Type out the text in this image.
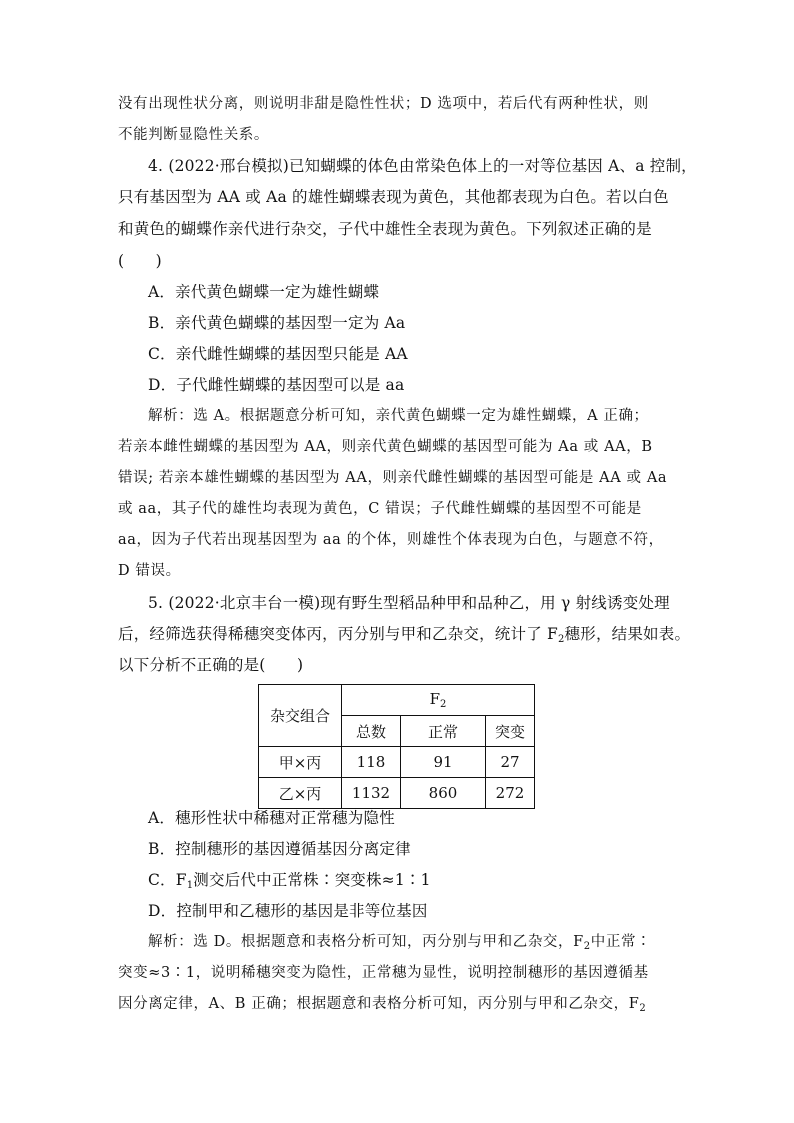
没有出现性状分离，则说明非甜是隐性性状；D 选项中，若后代有两种性状，则
不能判断显隐性关系。
4. (2022·邢台模拟)已知蝴蝶的体色由常染色体上的一对等位基因 A、a 控制，
只有基因型为 AA 或 Aa 的雄性蝴蝶表现为黄色，其他都表现为白色。若以白色
和黄色的蝴蝶作亲代进行杂交，子代中雄性全表现为黄色。下列叙述正确的是
(　　)
A．亲代黄色蝴蝶一定为雄性蝴蝶
B．亲代黄色蝴蝶的基因型一定为 Aa
C．亲代雌性蝴蝶的基因型只能是 AA
D．子代雌性蝴蝶的基因型可以是 aa
解析：选 A。根据题意分析可知，亲代黄色蝴蝶一定为雄性蝴蝶，A 正确；
若亲本雌性蝴蝶的基因型为 AA，则亲代黄色蝴蝶的基因型可能为 Aa 或 AA，B
错误; 若亲本雄性蝴蝶的基因型为 AA，则亲代雌性蝴蝶的基因型可能是 AA 或 Aa
或 aa，其子代的雄性均表现为黄色，C 错误；子代雌性蝴蝶的基因型不可能是
aa，因为子代若出现基因型为 aa 的个体，则雄性个体表现为白色，与题意不符，
D 错误。
5. (2022·北京丰台一模)现有野生型稻品种甲和品种乙，用 γ 射线诱变处理
后，经筛选获得稀穗突变体丙，丙分别与甲和乙杂交，统计了 $F_2$穗形，结果如表。
以下分析不正确的是(　　)
杂交组合	$F_2$
	总数	正常	突变
甲×丙	118	91	27
乙×丙	1132	860	272
A．穗形性状中稀穗对正常穗为隐性
B．控制穗形的基因遵循基因分离定律
C．$F_1$测交后代中正常株∶突变株≈1∶1
D．控制甲和乙穗形的基因是非等位基因
解析：选 D。根据题意和表格分析可知，丙分别与甲和乙杂交，$F_2$中正常∶
突变≈3∶1，说明稀穗突变为隐性，正常穗为显性，说明控制穗形的基因遵循基
因分离定律，A、B 正确；根据题意和表格分析可知，丙分别与甲和乙杂交，$F_2$
